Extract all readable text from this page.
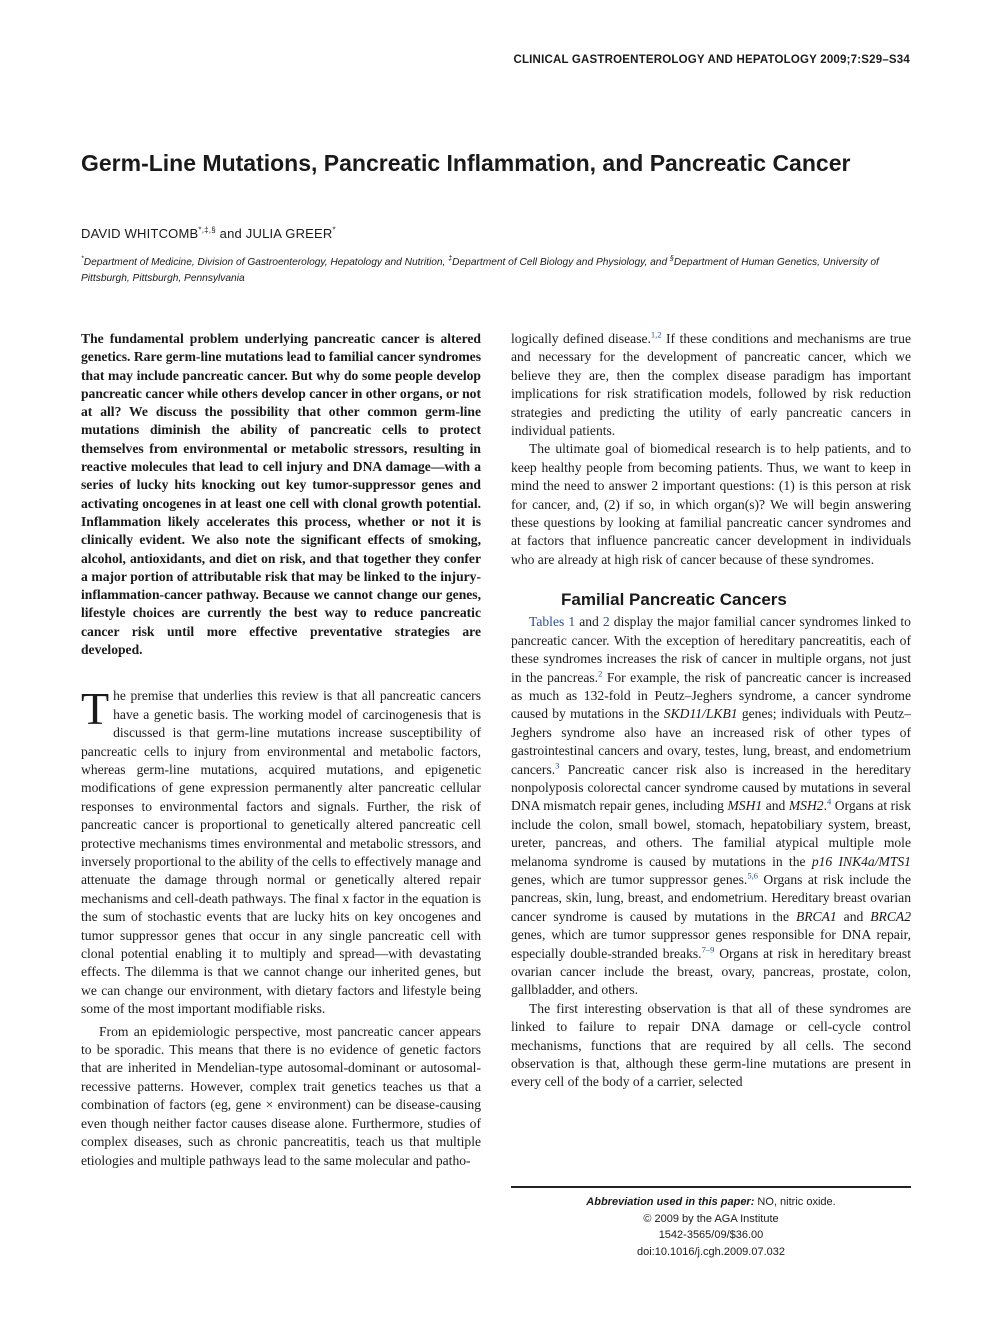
CLINICAL GASTROENTEROLOGY AND HEPATOLOGY 2009;7:S29–S34
Germ-Line Mutations, Pancreatic Inflammation, and Pancreatic Cancer
DAVID WHITCOMB*,‡,§ and JULIA GREER*
*Department of Medicine, Division of Gastroenterology, Hepatology and Nutrition, ‡Department of Cell Biology and Physiology, and §Department of Human Genetics, University of Pittsburgh, Pittsburgh, Pennsylvania

The fundamental problem underlying pancreatic cancer is altered genetics. Rare germ-line mutations lead to familial cancer syndromes that may include pancreatic cancer. But why do some people develop pancreatic cancer while others develop cancer in other organs, or not at all? We discuss the possibility that other common germ-line mutations diminish the ability of pancreatic cells to protect themselves from environmental or metabolic stressors, resulting in reactive molecules that lead to cell injury and DNA damage—with a series of lucky hits knocking out key tumor-suppressor genes and activating oncogenes in at least one cell with clonal growth potential. Inflammation likely accelerates this process, whether or not it is clinically evident. We also note the significant effects of smoking, alcohol, antioxidants, and diet on risk, and that together they confer a major portion of attributable risk that may be linked to the injury-inflammation-cancer pathway. Because we cannot change our genes, lifestyle choices are currently the best way to reduce pancreatic cancer risk until more effective preventative strategies are developed.

The premise that underlies this review is that all pancreatic cancers have a genetic basis. The working model of carcinogenesis that is discussed is that germ-line mutations increase susceptibility of pancreatic cells to injury from environmental and metabolic factors, whereas germ-line mutations, acquired mutations, and epigenetic modifications of gene expression permanently alter pancreatic cellular responses to environmental factors and signals. Further, the risk of pancreatic cancer is proportional to genetically altered pancreatic cell protective mechanisms times environmental and metabolic stressors, and inversely proportional to the ability of the cells to effectively manage and attenuate the damage through normal or genetically altered repair mechanisms and cell-death pathways. The final x factor in the equation is the sum of stochastic events that are lucky hits on key oncogenes and tumor suppressor genes that occur in any single pancreatic cell with clonal potential enabling it to multiply and spread—with devastating effects. The dilemma is that we cannot change our inherited genes, but we can change our environment, with dietary factors and lifestyle being some of the most important modifiable risks.

From an epidemiologic perspective, most pancreatic cancer appears to be sporadic. This means that there is no evidence of genetic factors that are inherited in Mendelian-type autosomal-dominant or autosomal-recessive patterns. However, complex trait genetics teaches us that a combination of factors (eg, gene × environment) can be disease-causing even though neither factor causes disease alone. Furthermore, studies of complex diseases, such as chronic pancreatitis, teach us that multiple etiologies and multiple pathways lead to the same molecular and patho-

logically defined disease.$^{1,2}$ If these conditions and mechanisms are true and necessary for the development of pancreatic cancer, which we believe they are, then the complex disease paradigm has important implications for risk stratification models, followed by risk reduction strategies and predicting the utility of early pancreatic cancers in individual patients.

The ultimate goal of biomedical research is to help patients, and to keep healthy people from becoming patients. Thus, we want to keep in mind the need to answer 2 important questions: (1) is this person at risk for cancer, and, (2) if so, in which organ(s)? We will begin answering these questions by looking at familial pancreatic cancer syndromes and at factors that influence pancreatic cancer development in individuals who are already at high risk of cancer because of these syndromes.

Familial Pancreatic Cancers

Tables 1 and 2 display the major familial cancer syndromes linked to pancreatic cancer. With the exception of hereditary pancreatitis, each of these syndromes increases the risk of cancer in multiple organs, not just in the pancreas.$^2$ For example, the risk of pancreatic cancer is increased as much as 132-fold in Peutz–Jeghers syndrome, a cancer syndrome caused by mutations in the SKD11/LKB1 genes; individuals with Peutz–Jeghers syndrome also have an increased risk of other types of gastrointestinal cancers and ovary, testes, lung, breast, and endometrium cancers.$^3$ Pancreatic cancer risk also is increased in the hereditary nonpolyposis colorectal cancer syndrome caused by mutations in several DNA mismatch repair genes, including MSH1 and MSH2.$^4$ Organs at risk include the colon, small bowel, stomach, hepatobiliary system, breast, ureter, pancreas, and others. The familial atypical multiple mole melanoma syndrome is caused by mutations in the p16 INK4a/MTS1 genes, which are tumor suppressor genes.$^{5,6}$ Organs at risk include the pancreas, skin, lung, breast, and endometrium. Hereditary breast ovarian cancer syndrome is caused by mutations in the BRCA1 and BRCA2 genes, which are tumor suppressor genes responsible for DNA repair, especially double-stranded breaks.$^{7-9}$ Organs at risk in hereditary breast ovarian cancer include the breast, ovary, pancreas, prostate, colon, gallbladder, and others.

The first interesting observation is that all of these syndromes are linked to failure to repair DNA damage or cell-cycle control mechanisms, functions that are required by all cells. The second observation is that, although these germ-line mutations are present in every cell of the body of a carrier, selected

Abbreviation used in this paper: NO, nitric oxide.
© 2009 by the AGA Institute
1542-3565/09/$36.00
doi:10.1016/j.cgh.2009.07.032
